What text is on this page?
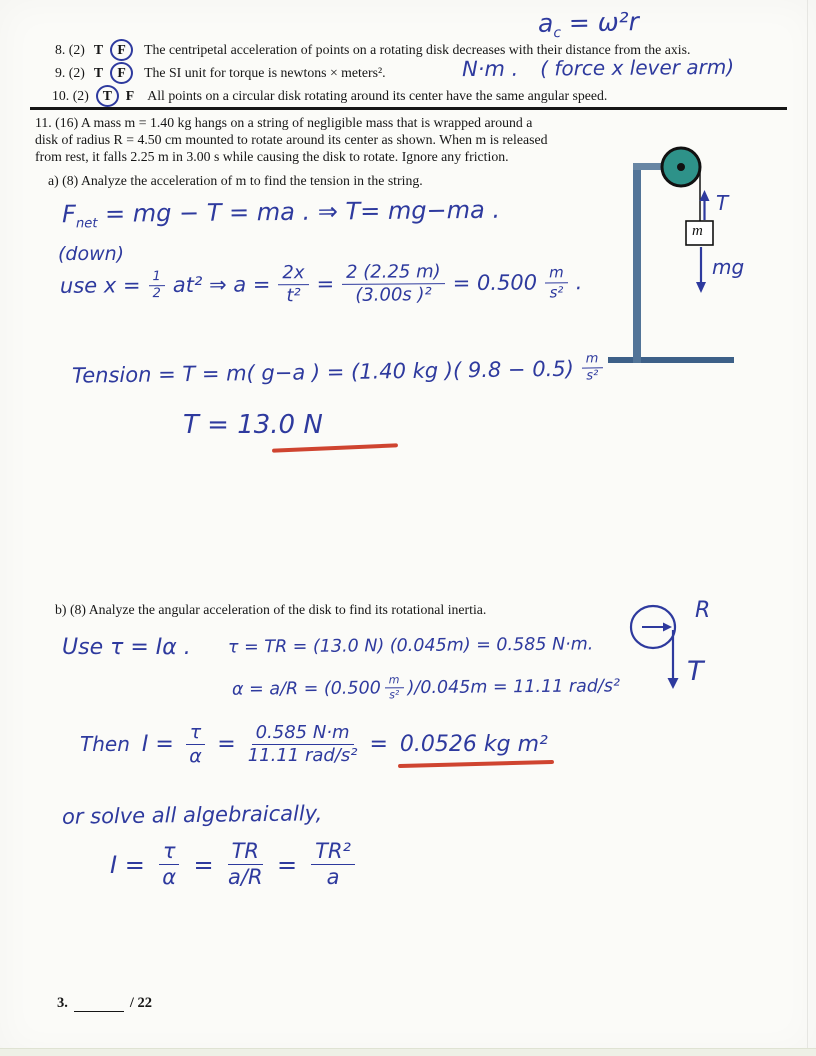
$a_c = \omega^2r$
8. (2) T	F	The centripetal acceleration of points on a rotating disk decreases with their distance from the axis.
9. (2) T	F	The SI unit for torque is newtons × meters².	N·m . ( force x lever arm)
10. (2)	T	F All points on a circular disk rotating around its center have the same angular speed.
11. (16) A mass m = 1.40 kg hangs on a string of negligible mass that is wrapped around a
disk of radius R = 4.50 cm mounted to rotate around its center as shown. When m is released
from rest, it falls 2.25 m in 3.00 s while causing the disk to rotate. Ignore any friction.
a) (8) Analyze the acceleration of m to find the tension in the string.
$F_{net}$ = mg − T = ma . ⇒ T= mg−ma .
(down)
use $x = \frac{1}{2} at^2$ ⇒ $a = \frac{2x}{\text{t²}} = \frac{2 (2.25 m)}{\text{(3.00s )²}} = 0.500 \frac{m}{\text{s²}}$ .
Tension = T = m( g−a ) = (1.40 kg )( $9.8 - 0.5) \frac{m}{\text{s²}}$
T = 13.0 N
m
T
mg
b) (8) Analyze the angular acceleration of the disk to find its rotational inertia.	R
T
Use τ = Iα . τ = TR = (13.0 N) (0.045m) = 0.585 N·m.
$\alpha = a/R = (0.500 \frac{m}{\text{s²}} )/0.045m = 11.11$ rad/s²
Then $I = \frac{\tau}{\alpha} = \frac{0.585 N\cdot m}{\text{11.11 rad/s²}} = 0.0526$ kg m²
or solve all algebraically,
$I = \frac{\tau}{\alpha} = \frac{TR}{a/R} = \frac{\text{TR²}}{a}$
3.	/ 22
